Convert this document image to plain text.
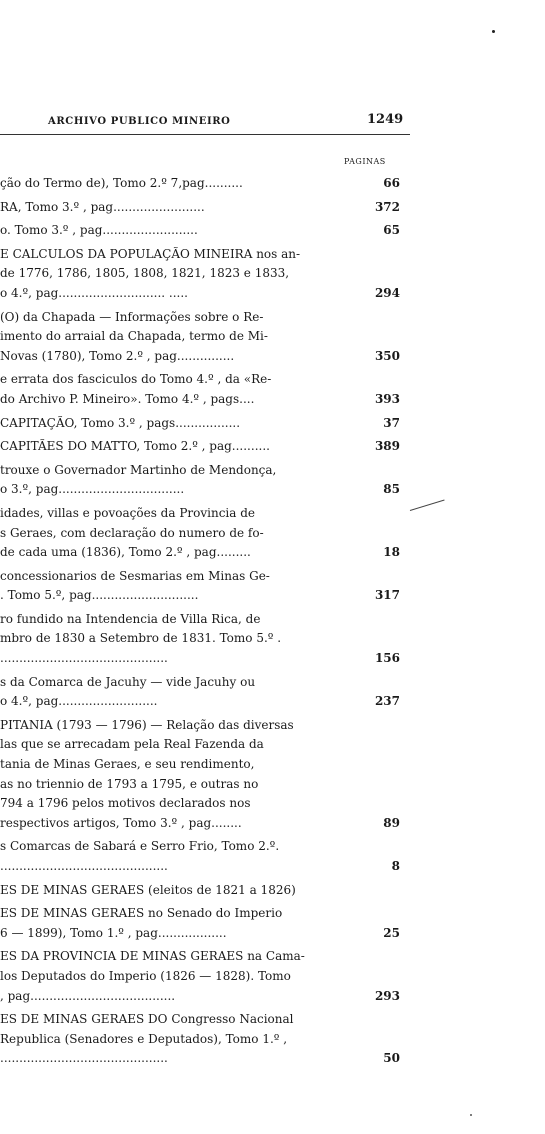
ARCHIVO PUBLICO MINEIRO	1249
PAGINAS
ção do Termo de), Tomo 2.º 7,pag..........	66
RA, Tomo 3.º , pag........................	372
o. Tomo 3.º , pag.........................	65
E CALCULOS DA POPULAÇÃO MINEIRA nos an-
de 1776, 1786, 1805, 1808, 1821, 1823 e 1833,
o 4.º, pag............................ .....	294
(O) da Chapada — Informações sobre o Re-
imento do arraial da Chapada, termo de Mi-
Novas (1780), Tomo 2.º , pag...............	350
e errata dos fasciculos do Tomo 4.º , da «Re-
do Archivo P. Mineiro». Tomo 4.º , pags....	393
CAPITAÇÃO, Tomo 3.º , pags.................	37
CAPITÃES DO MATTO, Tomo 2.º , pag..........	389
trouxe o Governador Martinho de Mendonça,
o 3.º, pag.................................	85
idades, villas e povoações da Provincia de
s Geraes, com declaração do numero de fo-
de cada uma (1836), Tomo 2.º , pag.........	18
concessionarios de Sesmarias em Minas Ge-
. Tomo 5.º, pag............................	317
ro fundido na Intendencia de Villa Rica, de
mbro de 1830 a Setembro de 1831. Tomo 5.º .
............................................	156
s da Comarca de Jacuhy — vide Jacuhy ou
o 4.º, pag..........................	237
PITANIA (1793 — 1796) — Relação das diversas
las que se arrecadam pela Real Fazenda da
tania de Minas Geraes, e seu rendimento,
as no triennio de 1793 a 1795, e outras no
794 a 1796 pelos motivos declarados nos
respectivos artigos, Tomo 3.º , pag........	89
s Comarcas de Sabará e Serro Frio, Tomo 2.º.
............................................	8
ES DE MINAS GERAES (eleitos de 1821 a 1826)
ES DE MINAS GERAES no Senado do Imperio
6 — 1899), Tomo 1.º , pag..................	25
ES DA PROVINCIA DE MINAS GERAES na Cama-
los Deputados do Imperio (1826 — 1828). Tomo
, pag......................................	293
ES DE MINAS GERAES DO Congresso Nacional
Republica (Senadores e Deputados), Tomo 1.º ,
............................................	50
